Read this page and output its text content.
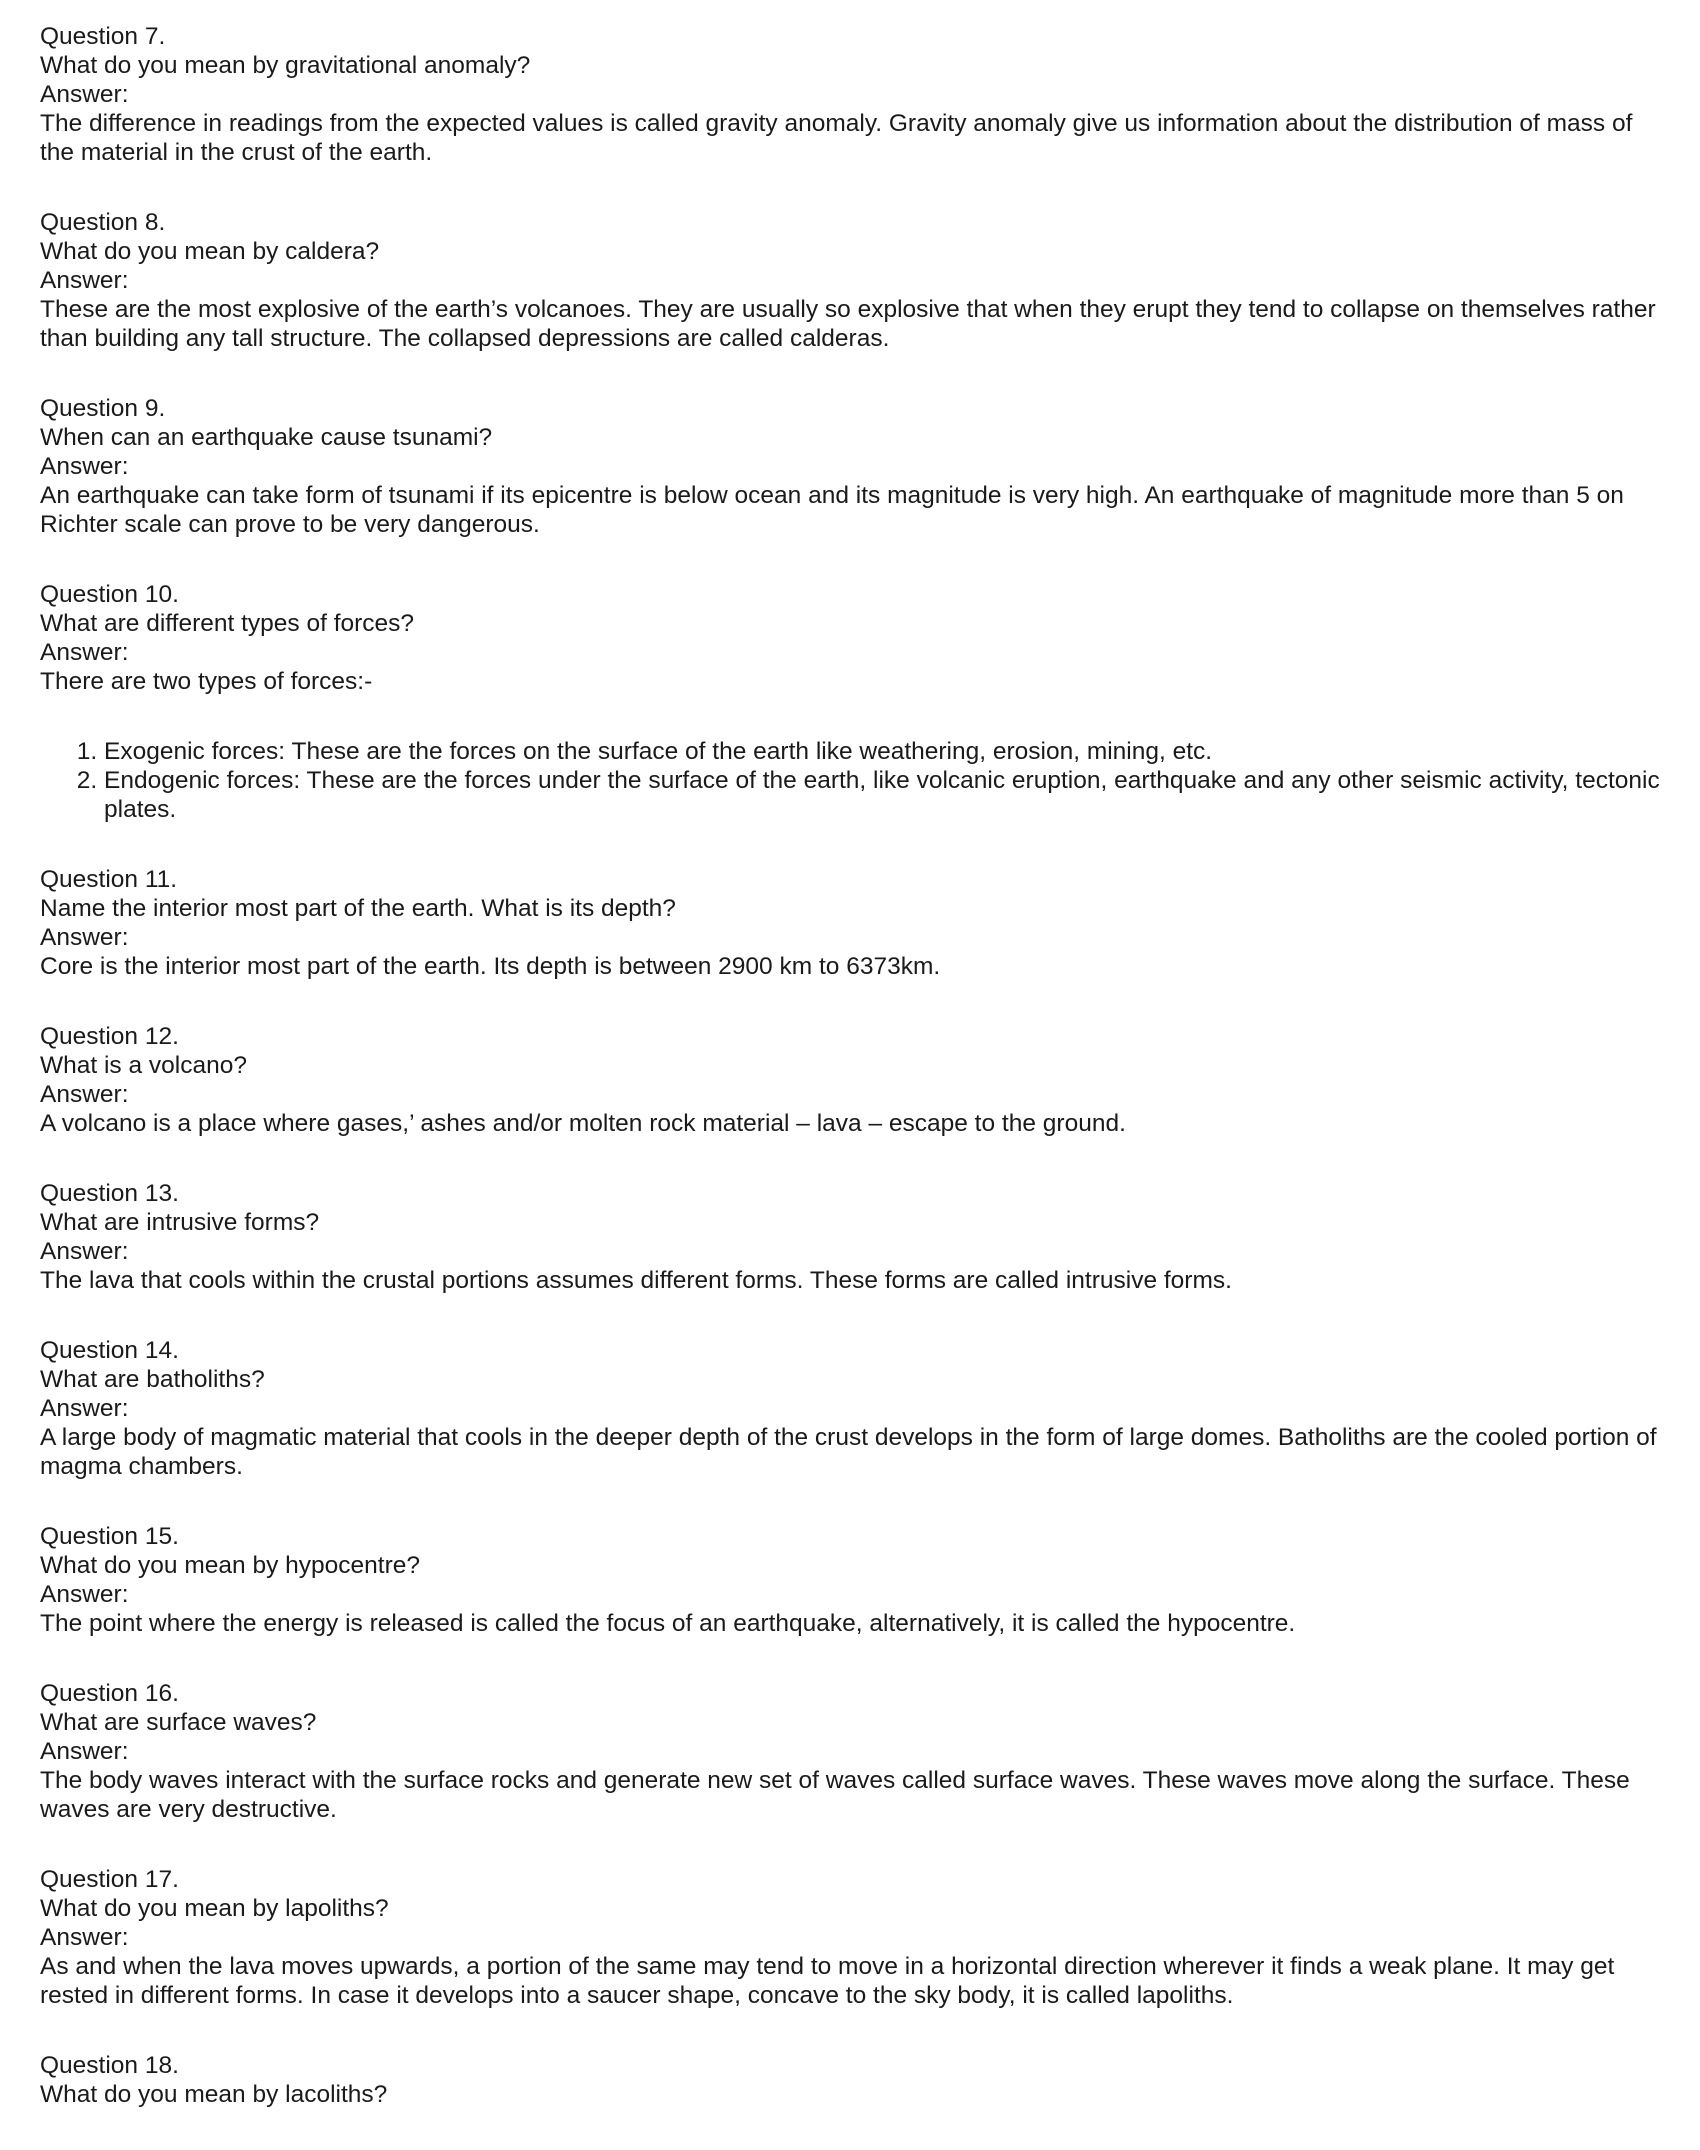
Question 7.

What do you mean by gravitational anomaly?

Answer:

The difference in readings from the expected values is called gravity anomaly. Gravity anomaly give us information about the distribution of mass of the material in the crust of the earth.

Question 8.

What do you mean by caldera?

Answer:

These are the most explosive of the earth’s volcanoes. They are usually so explosive that when they erupt they tend to collapse on themselves rather than building any tall structure. The collapsed depressions are called calderas.

Question 9.

When can an earthquake cause tsunami?

Answer:

An earthquake can take form of tsunami if its epicentre is below ocean and its magnitude is very high. An earthquake of magnitude more than 5 on Richter scale can prove to be very dangerous.

Question 10.

What are different types of forces?

Answer:

There are two types of forces:-

1. Exogenic forces: These are the forces on the surface of the earth like weathering, erosion, mining, etc.
2. Endogenic forces: These are the forces under the surface of the earth, like volcanic eruption, earthquake and any other seismic activity, tectonic plates.

Question 11.

Name the interior most part of the earth. What is its depth?

Answer:

Core is the interior most part of the earth. Its depth is between 2900 km to 6373km.

Question 12.

What is a volcano?

Answer:

A volcano is a place where gases,’ ashes and/or molten rock material – lava – escape to the ground.

Question 13.

What are intrusive forms?

Answer:

The lava that cools within the crustal portions assumes different forms. These forms are called intrusive forms.

Question 14.

What are batholiths?

Answer:

A large body of magmatic material that cools in the deeper depth of the crust develops in the form of large domes. Batholiths are the cooled portion of magma chambers.

Question 15.

What do you mean by hypocentre?

Answer:

The point where the energy is released is called the focus of an earthquake, alternatively, it is called the hypocentre.

Question 16.

What are surface waves?

Answer:

The body waves interact with the surface rocks and generate new set of waves called surface waves. These waves move along the surface. These waves are very destructive.

Question 17.

What do you mean by lapoliths?

Answer:

As and when the lava moves upwards, a portion of the same may tend to move in a horizontal direction wherever it finds a weak plane. It may get rested in different forms. In case it develops into a saucer shape, concave to the sky body, it is called lapoliths.

Question 18.

What do you mean by lacoliths?
